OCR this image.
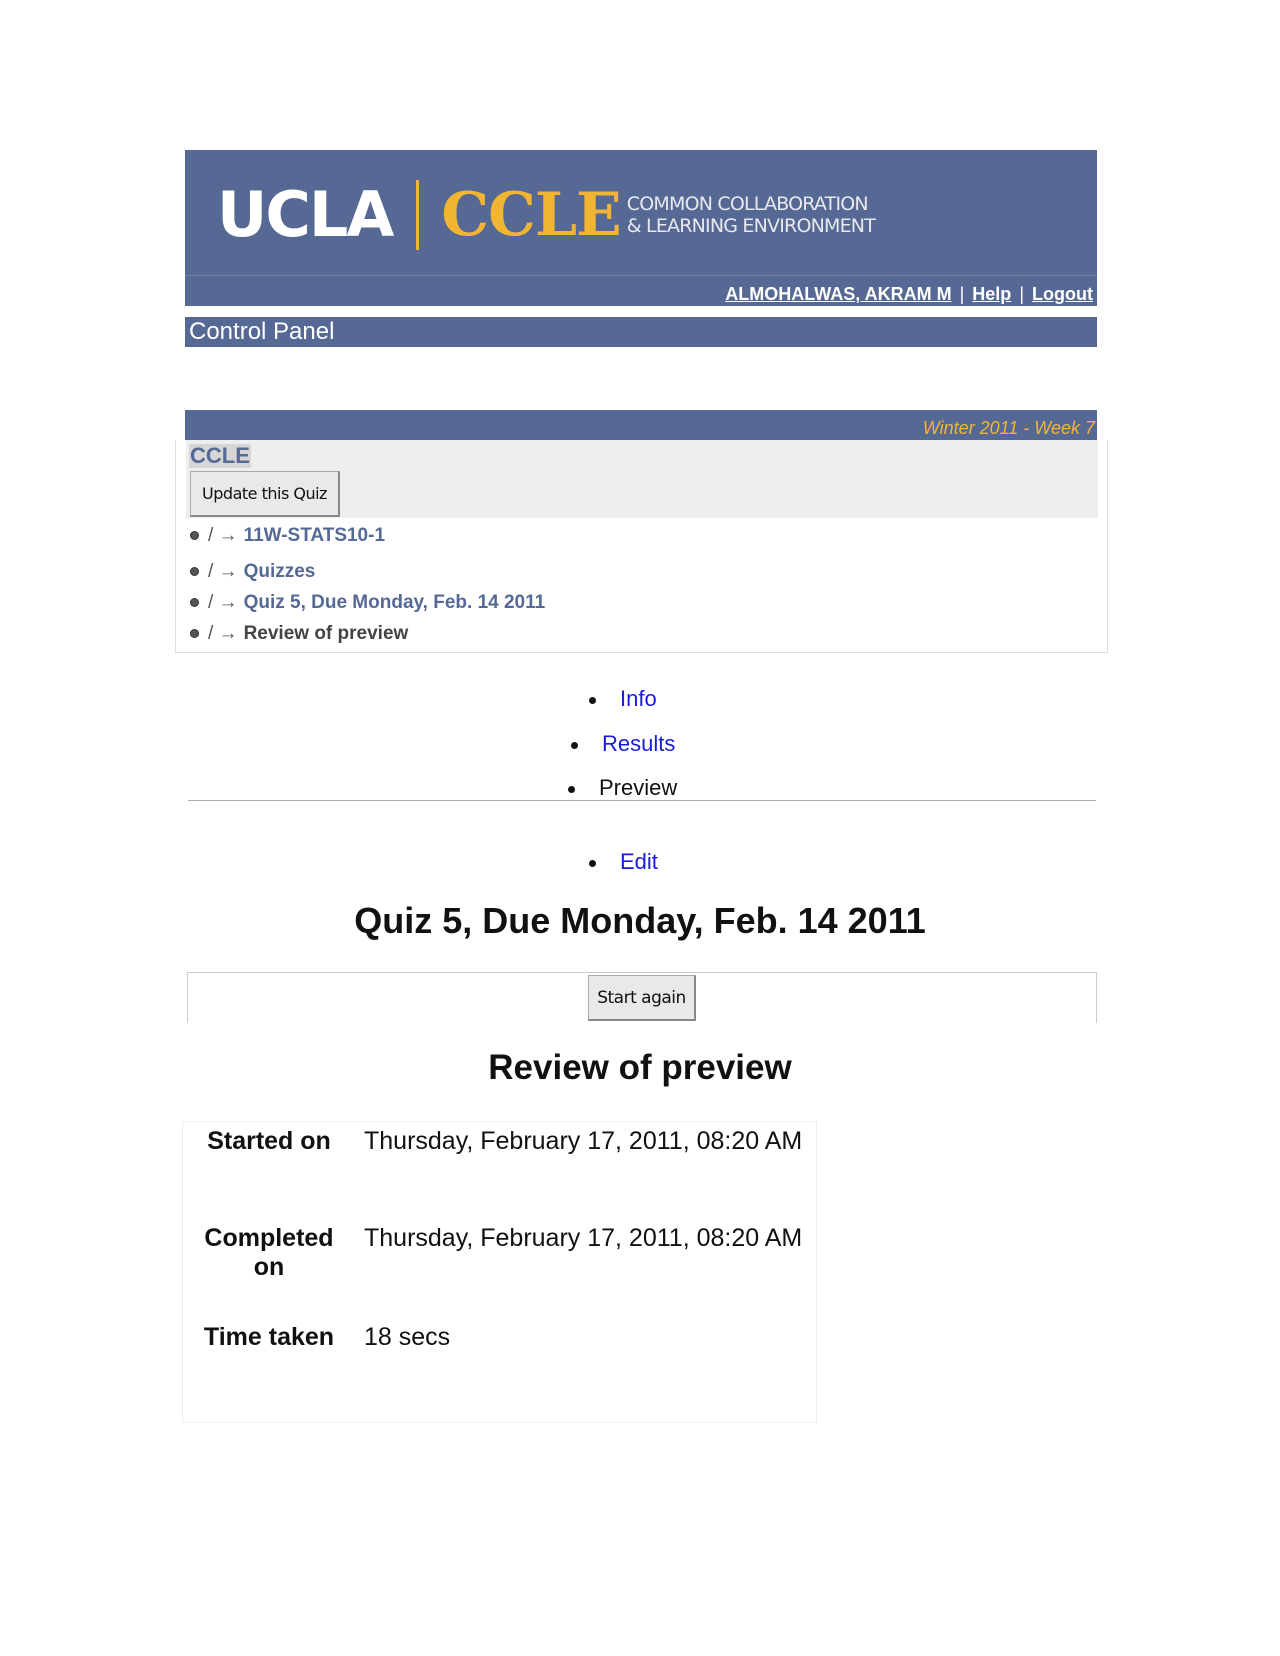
UCLA CCLE COMMON COLLABORATION
& LEARNING ENVIRONMENT
ALMOHALWAS, AKRAM M | Help | Logout
Control Panel
Winter 2011 - Week 7
CCLE
Update this Quiz
/ → 11W-STATS10-1
/ → Quizzes
/ → Quiz 5, Due Monday, Feb. 14 2011
/ → Review of preview
Info
Results
Preview
Edit
Quiz 5, Due Monday, Feb. 14 2011
Start again
Review of preview
Started on	Thursday, February 17, 2011, 08:20 AM
Completed on
Thursday, February 17, 2011, 08:20 AM
Time taken	18 secs
